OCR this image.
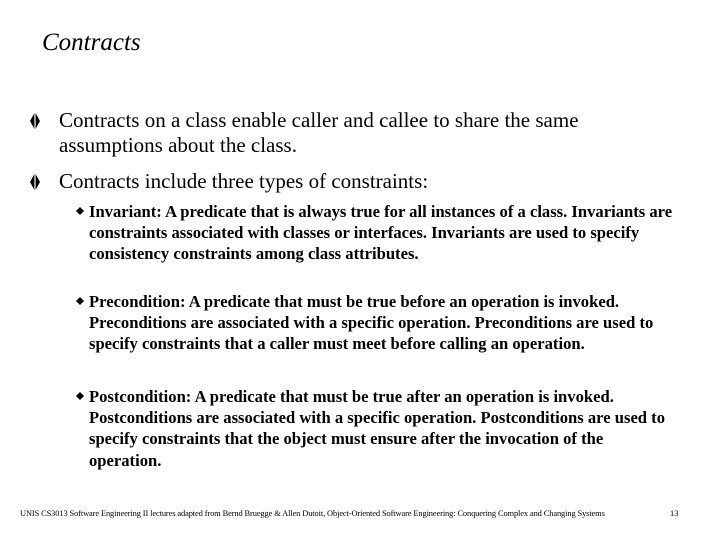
Contracts
Contracts on a class enable caller and callee to share the same assumptions about the class.
Contracts include three types of constraints:
Invariant: A predicate that is always true for all instances of a class. Invariants are constraints associated with classes or interfaces. Invariants are used to specify consistency constraints among class attributes.
Precondition: A predicate that must be true before an operation is invoked. Preconditions are associated with a specific operation. Preconditions are used to specify constraints that a caller must meet before calling an operation.
Postcondition: A predicate that must be true after an operation is invoked. Postconditions are associated with a specific operation. Postconditions are used to specify constraints that the object must ensure after the invocation of the operation.
UNIS CS3013 Software Engineering II lectures adapted from Bernd Bruegge & Allen Dutoit, Object-Oriented Software Engineering: Conquering Complex and Changing Systems	13
